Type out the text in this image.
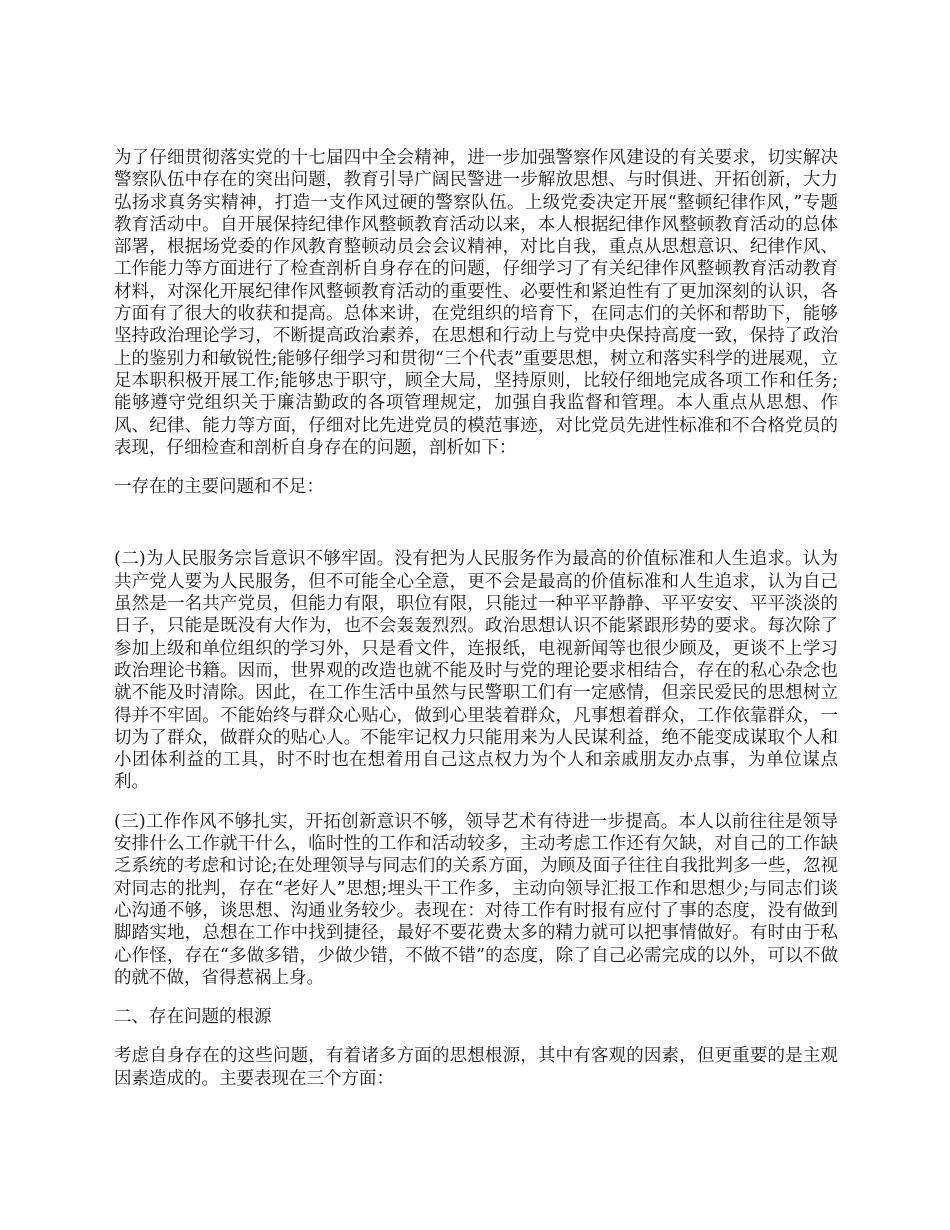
为了仔细贯彻落实党的十七届四中全会精神，进一步加强警察作风建设的有关要求，切实解决警察队伍中存在的突出问题，教育引导广阔民警进一步解放思想、与时俱进、开拓创新，大力弘扬求真务实精神，打造一支作风过硬的警察队伍。上级党委决定开展“整顿纪律作风，”专题教育活动中。自开展保持纪律作风整顿教育活动以来，本人根据纪律作风整顿教育活动的总体部署，根据场党委的作风教育整顿动员会会议精神，对比自我，重点从思想意识、纪律作风、工作能力等方面进行了检查剖析自身存在的问题，仔细学习了有关纪律作风整顿教育活动教育材料，对深化开展纪律作风整顿教育活动的重要性、必要性和紧迫性有了更加深刻的认识，各方面有了很大的收获和提高。总体来讲，在党组织的培育下，在同志们的关怀和帮助下，能够坚持政治理论学习，不断提高政治素养，在思想和行动上与党中央保持高度一致，保持了政治上的鉴别力和敏锐性;能够仔细学习和贯彻“三个代表”重要思想，树立和落实科学的进展观，立足本职积极开展工作;能够忠于职守，顾全大局，坚持原则，比较仔细地完成各项工作和任务;能够遵守党组织关于廉洁勤政的各项管理规定，加强自我监督和管理。本人重点从思想、作风、纪律、能力等方面，仔细对比先进党员的模范事迹，对比党员先进性标准和不合格党员的表现，仔细检查和剖析自身存在的问题，剖析如下：

一存在的主要问题和不足：

(二)为人民服务宗旨意识不够牢固。没有把为人民服务作为最高的价值标准和人生追求。认为共产党人要为人民服务，但不可能全心全意，更不会是最高的价值标准和人生追求，认为自己虽然是一名共产党员，但能力有限，职位有限，只能过一种平平静静、平平安安、平平淡淡的日子，只能是既没有大作为，也不会轰轰烈烈。政治思想认识不能紧跟形势的要求。每次除了参加上级和单位组织的学习外，只是看文件，连报纸，电视新闻等也很少顾及，更谈不上学习政治理论书籍。因而，世界观的改造也就不能及时与党的理论要求相结合，存在的私心杂念也就不能及时清除。因此，在工作生活中虽然与民警职工们有一定感情，但亲民爱民的思想树立得并不牢固。不能始终与群众心贴心，做到心里装着群众，凡事想着群众，工作依靠群众，一切为了群众，做群众的贴心人。不能牢记权力只能用来为人民谋利益，绝不能变成谋取个人和小团体利益的工具，时不时也在想着用自己这点权力为个人和亲戚朋友办点事，为单位谋点利。

(三)工作作风不够扎实，开拓创新意识不够，领导艺术有待进一步提高。本人以前往往是领导安排什么工作就干什么，临时性的工作和活动较多，主动考虑工作还有欠缺，对自己的工作缺乏系统的考虑和讨论;在处理领导与同志们的关系方面，为顾及面子往往自我批判多一些，忽视对同志的批判，存在“老好人”思想;埋头干工作多，主动向领导汇报工作和思想少;与同志们谈心沟通不够，谈思想、沟通业务较少。表现在：对待工作有时报有应付了事的态度，没有做到脚踏实地，总想在工作中找到捷径，最好不要花费太多的精力就可以把事情做好。有时由于私心作怪，存在“多做多错，少做少错，不做不错”的态度，除了自己必需完成的以外，可以不做的就不做，省得惹祸上身。

二、存在问题的根源

考虑自身存在的这些问题，有着诸多方面的思想根源，其中有客观的因素，但更重要的是主观因素造成的。主要表现在三个方面：
